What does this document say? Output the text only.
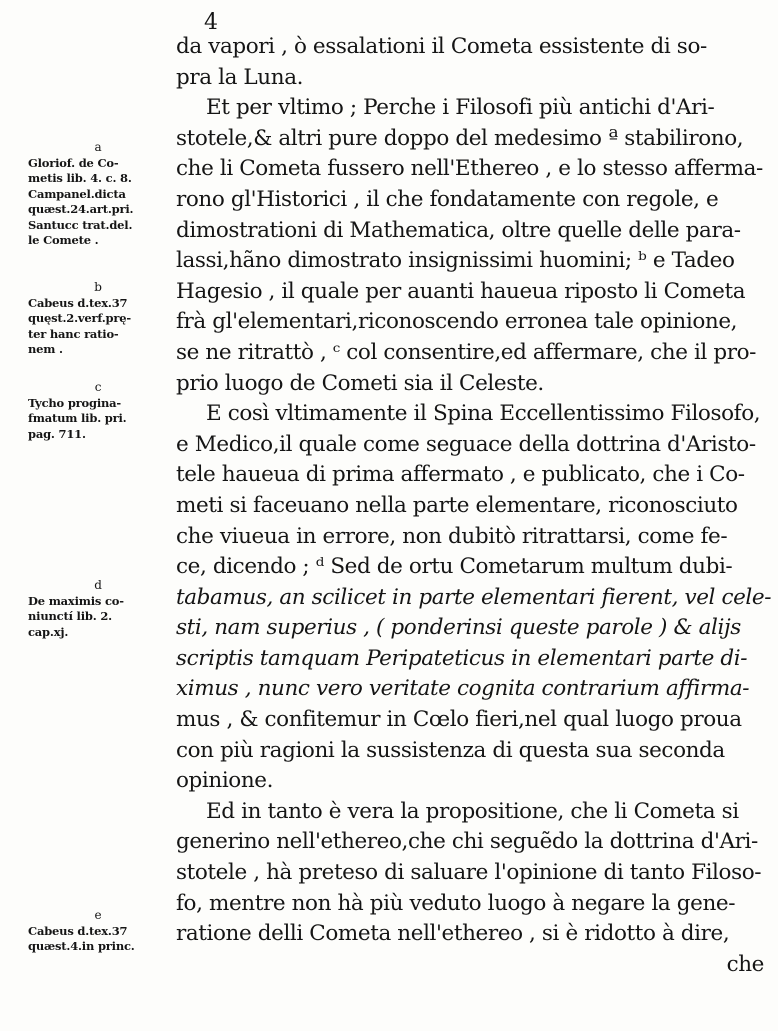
4
da vapori , ò essalationi il Cometa essistente di so-
pra la Luna.
Et per vltimo ; Perche i Filosofi più antichi d'Ari-
stotele,& altri pure doppo del medesimo ª stabilirono,
che li Cometa fussero nell'Ethereo , e lo stesso afferma-
rono gl'Historici , il che fondatamente con regole, e
dimostrationi di Mathematica, oltre quelle delle para-
lassi,hãno dimostrato insignissimi huomini; ᵇ e Tadeo
Hagesio , il quale per auanti haueua riposto li Cometa
frà gl'elementari,riconoscendo erronea tale opinione,
se ne ritrattò , ᶜ col consentire,ed affermare, che il pro-
prio luogo de Cometi sia il Celeste.
E così vltimamente il Spina Eccellentissimo Filosofo,
e Medico,il quale come seguace della dottrina d'Aristo-
tele haueua di prima affermato , e publicato, che i Co-
meti si faceuano nella parte elementare, riconosciuto
che viueua in errore, non dubitò ritrattarsi, come fe-
ce, dicendo ; ᵈ Sed de ortu Cometarum multum dubi-
tabamus, an scilicet in parte elementari fierent, vel cele-
sti, nam superius , ( ponderinsi queste parole ) & alijs
scriptis tamquam Peripateticus in elementari parte di-
ximus , nunc vero veritate cognita contrarium affirma-
mus , & confitemur in Cœlo fieri,nel qual luogo proua
con più ragioni la sussistenza di questa sua seconda
opinione.
Ed in tanto è vera la propositione, che li Cometa si
generino nell'ethereo,che chi seguẽdo la dottrina d'Ari-
stotele , hà preteso di saluare l'opinione di tanto Filoso-
fo, mentre non hà più veduto luogo à negare la gene-
ratione delli Cometa nell'ethereo , si è ridotto à dire,
che
a
Gloriof. de Co-
metis lib. 4. c. 8.
Campanel.dicta
quæst.24.art.pri.
Santucc trat.del.
le Comete .
b
Cabeus d.tex.37
quęst.2.verf.prę-
ter hanc ratio-
nem .
c
Tycho progina-
fmatum lib. pri.
pag. 711.
d
De maximis co-
niunctí lib. 2.
cap.xj.
e
Cabeus d.tex.37
quæst.4.in princ.
